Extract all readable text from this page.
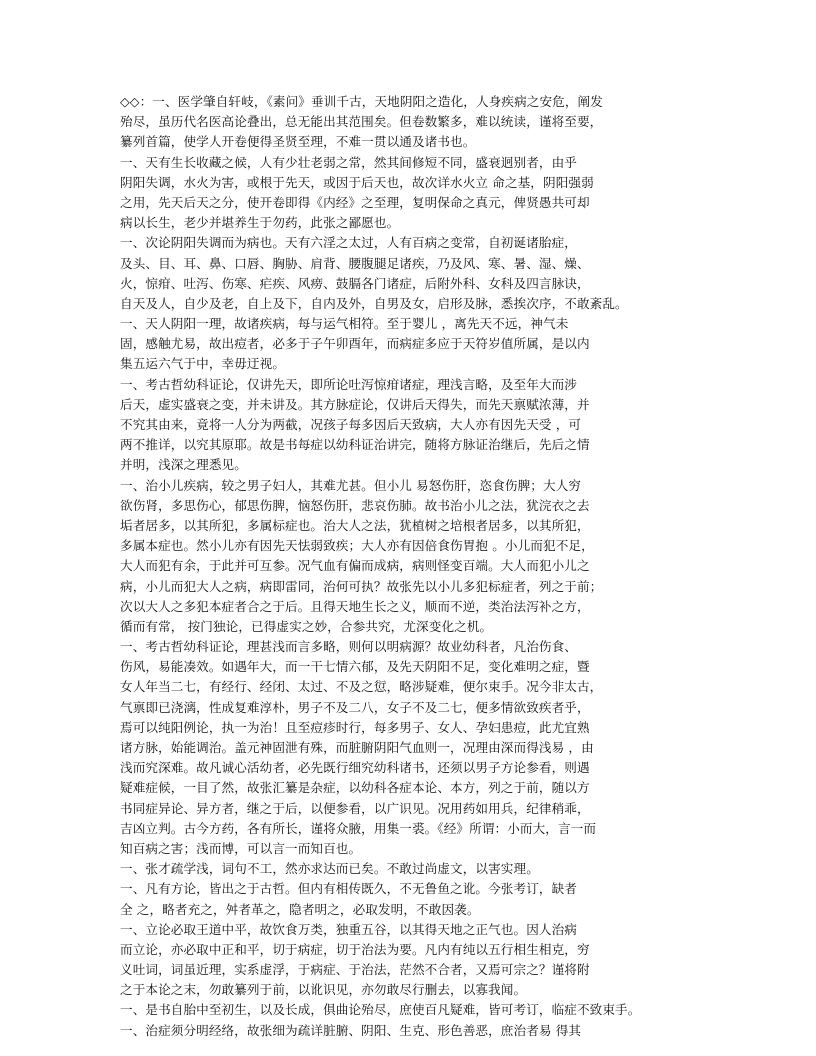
◇◇：一、医学肇自轩岐，《素问》垂训千古，天地阴阳之造化，人身疾病之安危，阐发
殆尽，虽历代名医高论叠出，总无能出其范围矣。但卷数繁多，难以统读，谨将至要，
纂列首篇，使学人开卷便得圣贤至理，不难一贯以通及诸书也。
一、天有生长收藏之候，人有少壮老弱之常，然其间修短不同，盛衰迥别者，由乎
阴阳失调，水火为害，或根于先天，或因于后天也，故次详水火立 命之基，阴阳强弱
之用，先天后天之分，使开卷即得《内经》之至理，复明保命之真元，俾贤愚共可却
病以长生，老少并堪养生于勿药，此张之鄙愿也。
一、次论阴阳失调而为病也。天有六淫之太过，人有百病之变常，自初诞诸胎症，
及头、目、耳、鼻、口唇、胸胁、肩背、腰腹腿足诸疾，乃及风、寒、暑、湿、燥、
火，惊疳、吐泻、伤寒、疟疾、风痨、鼓膈各门诸症，后附外科、女科及四言脉诀，
自天及人，自少及老，自上及下，自内及外，自男及女，启形及脉，悉挨次序，不敢紊乱。
一、天人阴阳一理，故诸疾病，每与运气相符。至于婴儿 ，离先天不远，神气未
固，感触尤易，故出痘者，必多于子午卯酉年，而病症多应于天符岁值所属，是以内
集五运六气于中，幸毋迂视。
一、考古哲幼科证论，仅讲先天，即所论吐泻惊疳诸症，理浅言略，及至年大而涉
后天，虚实盛衰之变，并未讲及。其方脉症论，仅讲后天得失，而先天禀赋浓薄，并
不究其由来，竟将一人分为两截，况孩子每多因后天致病，大人亦有因先天受 ，可
两不推详，以究其原耶。故是书每症以幼科证治讲完，随将方脉证治继后，先后之情
并明，浅深之理悉见。
一、治小儿疾病，较之男子妇人，其难尤甚。但小儿 易怒伤肝，恣食伤脾；大人穷
欲伤肾，多思伤心，郁思伤脾，恼怒伤肝，悲哀伤肺。故书治小儿之法，犹浣衣之去
垢者居多，以其所犯，多属标症也。治大人之法，犹植树之培根者居多，以其所犯，
多属本症也。然小儿亦有因先天怯弱致疾；大人亦有因倍食伤胃抱 。小儿而犯不足，
大人而犯有余，于此并可互参。况气血有偏而成病，病则怪变百端。大人而犯小儿之
病，小儿而犯大人之病，病即雷同，治何可执？故张先以小儿多犯标症者，列之于前；
次以大人之多犯本症者合之于后。且得天地生长之义，顺而不逆，类治法泻补之方，
循而有常， 按门独论，已得虚实之妙，合参共究，尤深变化之机。
一、考古哲幼科证论，理甚浅而言多略，则何以明病源？故业幼科者，凡治伤食、
伤风，易能凑效。如遇年大，而一干七情六郁，及先天阴阳不足，变化难明之症，暨
女人年当二七，有经行、经闭、太过、不及之愆，略涉疑难，便尔束手。况今非太古，
气禀即已浇漓，性成复难淳朴，男子不及二八，女子不及二七，便多情欲致疾者乎，
焉可以纯阳例论，执一为治！且至痘疹时行，每多男子、女人、孕妇患痘，此尤宜熟
诸方脉，始能调治。盖元神固泄有殊，而脏腑阴阳气血则一，况理由深而得浅易 ，由
浅而究深难。故凡诚心活幼者，必先既行细究幼科诸书，还须以男子方论参看，则遇
疑难症候，一目了然，故张汇纂是杂症，以幼科各症本论、本方，列之于前，随以方
书同症异论、异方者，继之于后，以便参看，以广识见。况用药如用兵，纪律稍乖，
吉凶立判。古今方药，各有所长，谨将众腋，用集一裘。《经》所谓：小而大，言一而
知百病之害；浅而博，可以言一而知百也。
一、张才疏学浅，词句不工，然亦求达而已矣。不敢过尚虚文，以害实理。
一、凡有方论，皆出之于古哲。但内有相传既久，不无鲁鱼之讹。今张考订，缺者
全 之，略者充之，舛者革之，隐者明之，必取发明，不敢因袭。
一、立论必取王道中平，故饮食万类，独重五谷，以其得天地之正气也。因人治病
而立论，亦必取中正和平，切于病症，切于治法为要。凡内有纯以五行相生相克，穷
义吐词，词虽近理，实系虚浮，于病症、于治法，茫然不合者，又焉可宗之？谨将附
之于本论之末，勿敢纂列于前，以讹识见，亦勿敢尽行删去，以寡我闻。
一、是书自胎中至初生，以及长成，俱曲论殆尽，庶使百凡疑难，皆可考订，临症不致束手。
一、治症须分明经络，故张细为疏详脏腑、阴阳、生克、形色善恶，庶治者易 得其
